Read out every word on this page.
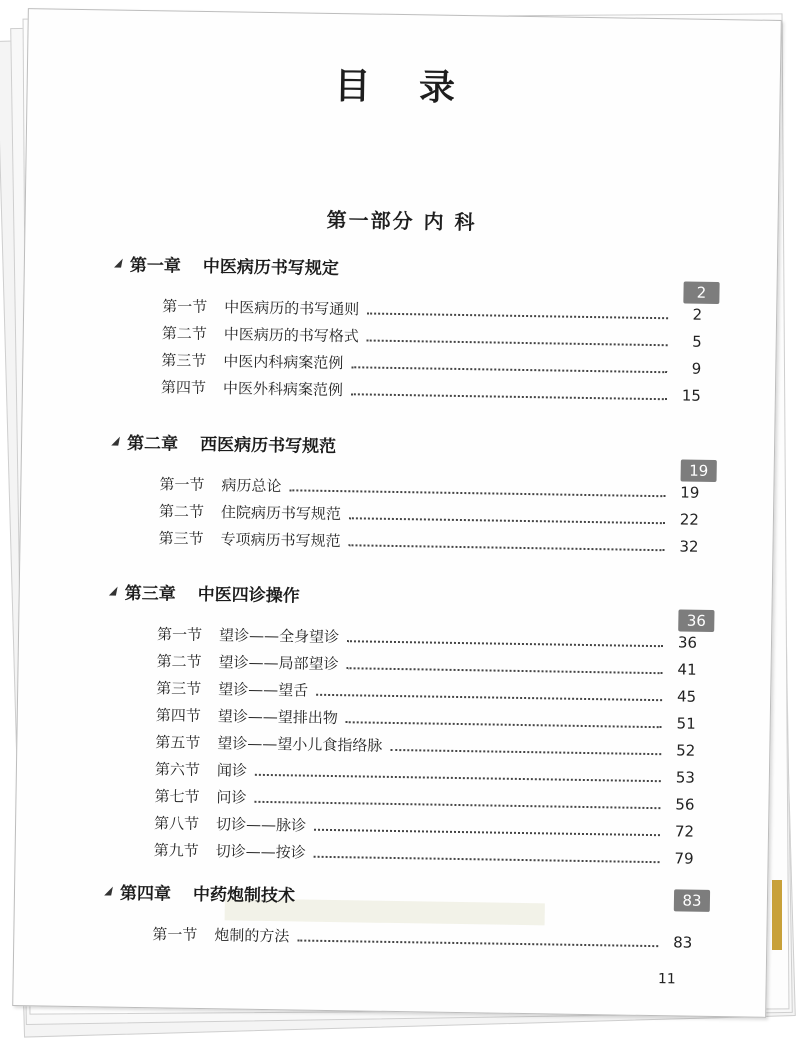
目 录
第一部分 内 科
第一章 中医病历书写规定
2
第一节	中医病历的书写通则	2
第二节	中医病历的书写格式	5
第三节	中医内科病案范例	9
第四节	中医外科病案范例	15
第二章 西医病历书写规范
19
第一节	病历总论	19
第二节	住院病历书写规范	22
第三节	专项病历书写规范	32
第三章 中医四诊操作
36
第一节	望诊——全身望诊	36
第二节	望诊——局部望诊	41
第三节	望诊——望舌	45
第四节	望诊——望排出物	51
第五节	望诊——望小儿食指络脉	52
第六节	闻诊	53
第七节	问诊	56
第八节	切诊——脉诊	72
第九节	切诊——按诊	79
第四章 中药炮制技术	83
第一节	炮制的方法	83
11
